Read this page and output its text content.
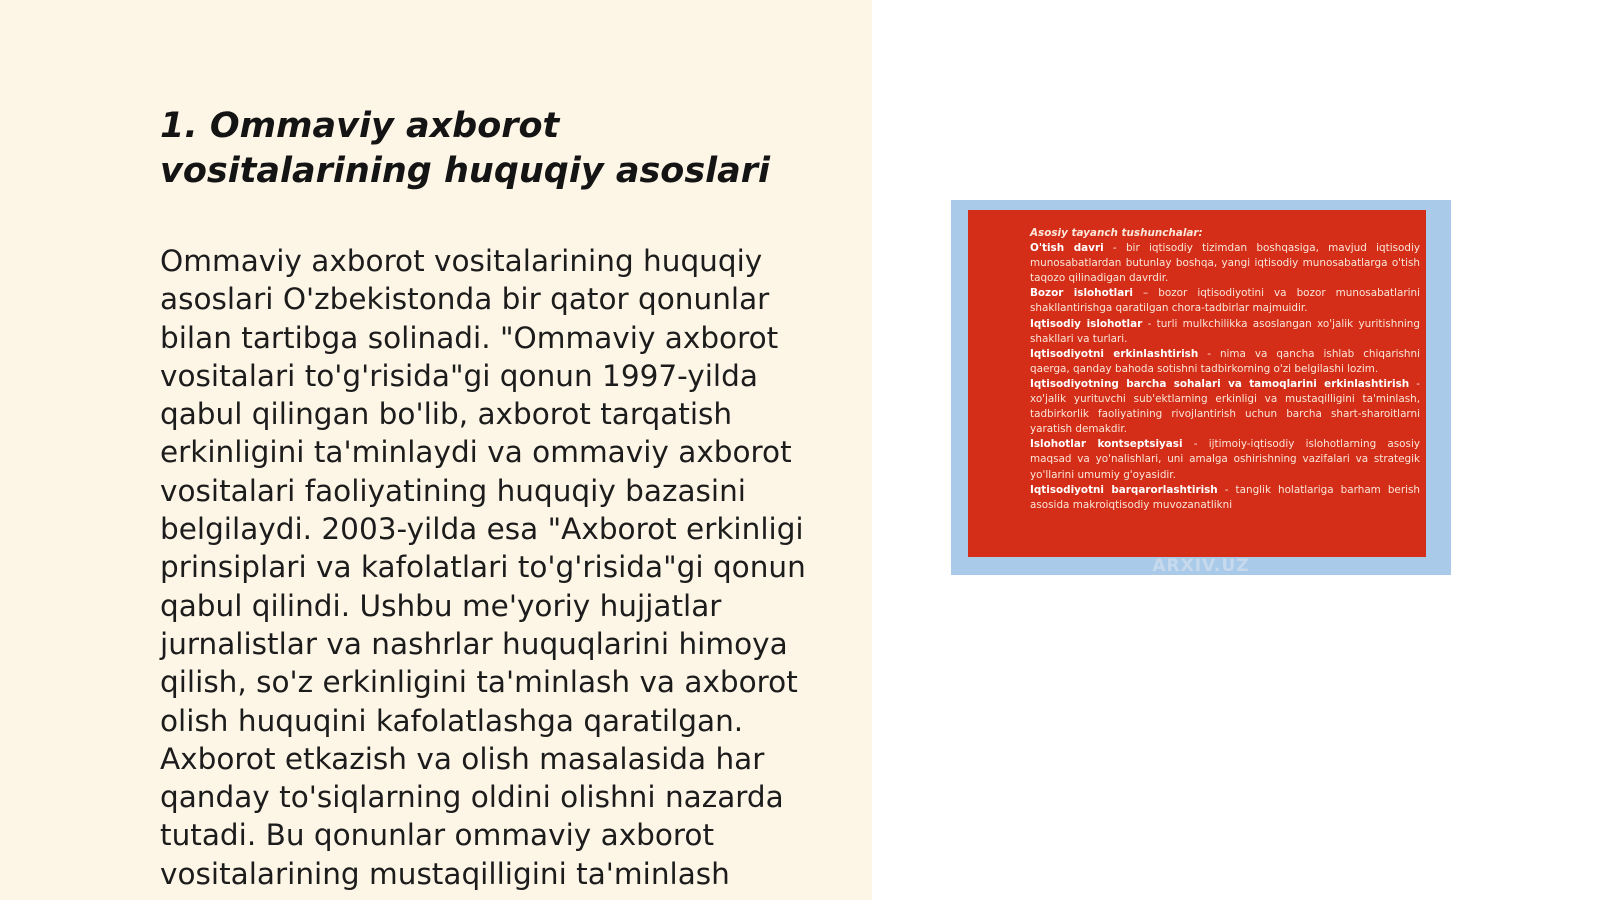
1. Ommaviy axborot vositalarining huquqiy asoslari

Ommaviy axborot vositalarining huquqiy asoslari O'zbekistonda bir qator qonunlar bilan tartibga solinadi. "Ommaviy axborot vositalari to'g'risida"gi qonun 1997-yilda qabul qilingan bo'lib, axborot tarqatish erkinligini ta'minlaydi va ommaviy axborot vositalari faoliyatining huquqiy bazasini belgilaydi. 2003-yilda esa "Axborot erkinligi prinsiplari va kafolatlari to'g'risida"gi qonun qabul qilindi. Ushbu me'yoriy hujjatlar jurnalistlar va nashrlar huquqlarini himoya qilish, so'z erkinligini ta'minlash va axborot olish huquqini kafolatlashga qaratilgan. Axborot etkazish va olish masalasida har qanday to'siqlarning oldini olishni nazarda tutadi. Bu qonunlar ommaviy axborot vositalarining mustaqilligini ta'minlash

Asosiy tayanch tushunchalar:

O'tish davri - bir iqtisodiy tizimdan boshqasiga, mavjud iqtisodiy munosabatlardan butunlay boshqa, yangi iqtisodiy munosabatlarga o'tish taqozo qilinadigan davrdir.

Bozor islohotlari – bozor iqtisodiyotini va bozor munosabatlarini shakllantirishga qaratilgan chora-tadbirlar majmuidir.

Iqtisodiy islohotlar - turli mulkchilikka asoslangan xo'jalik yuritishning shakllari va turlari.

Iqtisodiyotni erkinlashtirish - nima va qancha ishlab chiqarishni qaerga, qanday bahoda sotishni tadbirkorning o'zi belgilashi lozim.

Iqtisodiyotning barcha sohalari va tamoqlarini erkinlashtirish - xo'jalik yurituvchi sub'ektlarning erkinligi va mustaqilligini ta'minlash, tadbirkorlik faoliyatining rivojlantirish uchun barcha shart-sharoitlarni yaratish demakdir.

Islohotlar kontseptsiyasi - ijtimoiy-iqtisodiy islohotlarning asosiy maqsad va yo'nalishlari, uni amalga oshirishning vazifalari va strategik yo'llarini umumiy g'oyasidir.

Iqtisodiyotni barqarorlashtirish - tanglik holatlariga barham berish asosida makroiqtisodiy muvozanatlikni

ARXIV.UZ
